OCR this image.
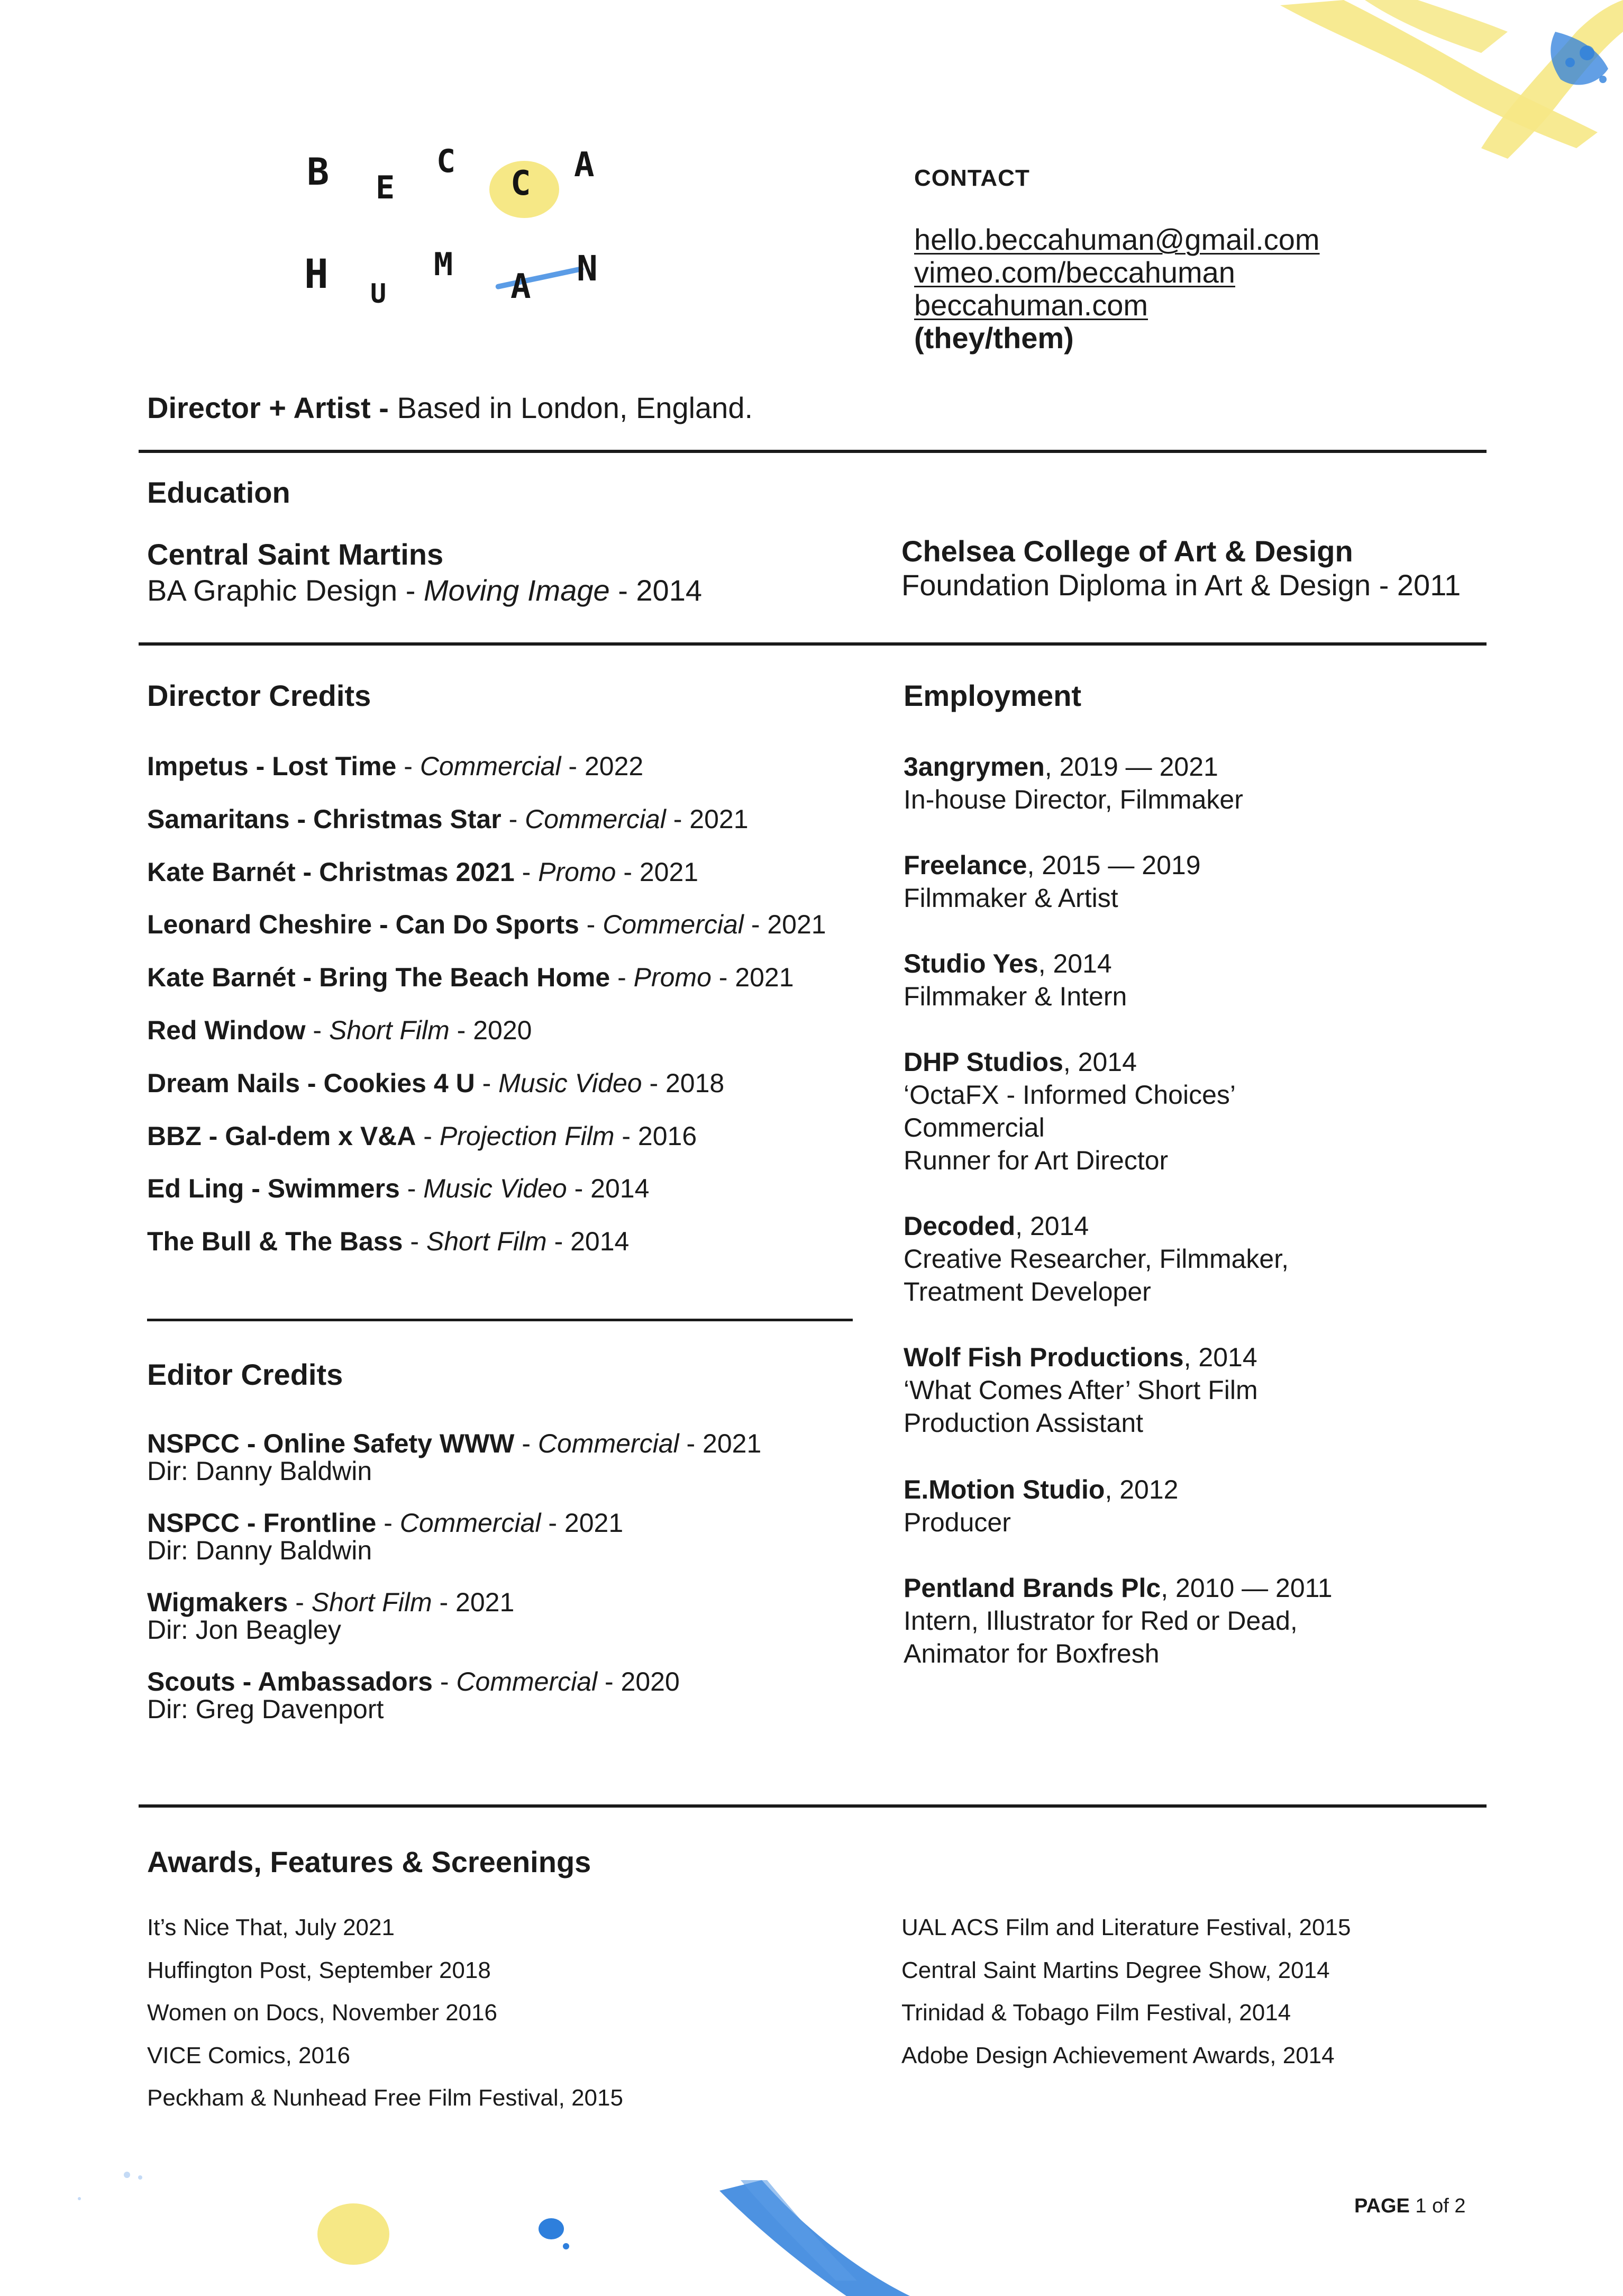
B E
C
C A
H U
M
A N
CONTACT
hello.beccahuman@gmail.com
vimeo.com/beccahuman
beccahuman.com
(they/them)
Director + Artist - Based in London, England.
Education
Central Saint Martins
BA Graphic Design - Moving Image - 2014
Chelsea College of Art & Design
Foundation Diploma in Art & Design - 2011
Director Credits
Impetus - Lost Time - Commercial - 2022
Samaritans - Christmas Star - Commercial - 2021
Kate Barnét - Christmas 2021 - Promo - 2021
Leonard Cheshire - Can Do Sports - Commercial - 2021
Kate Barnét - Bring The Beach Home - Promo - 2021
Red Window - Short Film - 2020
Dream Nails - Cookies 4 U - Music Video - 2018
BBZ - Gal-dem x V&A - Projection Film - 2016
Ed Ling - Swimmers - Music Video - 2014
The Bull & The Bass - Short Film - 2014
Editor Credits
NSPCC - Online Safety WWW - Commercial - 2021
Dir: Danny Baldwin
NSPCC - Frontline - Commercial - 2021
Dir: Danny Baldwin
Wigmakers - Short Film - 2021
Dir: Jon Beagley
Scouts - Ambassadors - Commercial - 2020
Dir: Greg Davenport
Employment
3angrymen, 2019 — 2021
In-house Director, Filmmaker
Freelance, 2015 — 2019
Filmmaker & Artist
Studio Yes, 2014
Filmmaker & Intern
DHP Studios, 2014
‘OctaFX - Informed Choices’
Commercial
Runner for Art Director
Decoded, 2014
Creative Researcher, Filmmaker,
Treatment Developer
Wolf Fish Productions, 2014
‘What Comes After’ Short Film
Production Assistant
E.Motion Studio, 2012
Producer
Pentland Brands Plc, 2010 — 2011
Intern, Illustrator for Red or Dead,
Animator for Boxfresh
Awards, Features & Screenings
It’s Nice That, July 2021
Huffington Post, September 2018
Women on Docs, November 2016
VICE Comics, 2016
Peckham & Nunhead Free Film Festival, 2015
UAL ACS Film and Literature Festival, 2015
Central Saint Martins Degree Show, 2014
Trinidad & Tobago Film Festival, 2014
Adobe Design Achievement Awards, 2014
PAGE 1 of 2
